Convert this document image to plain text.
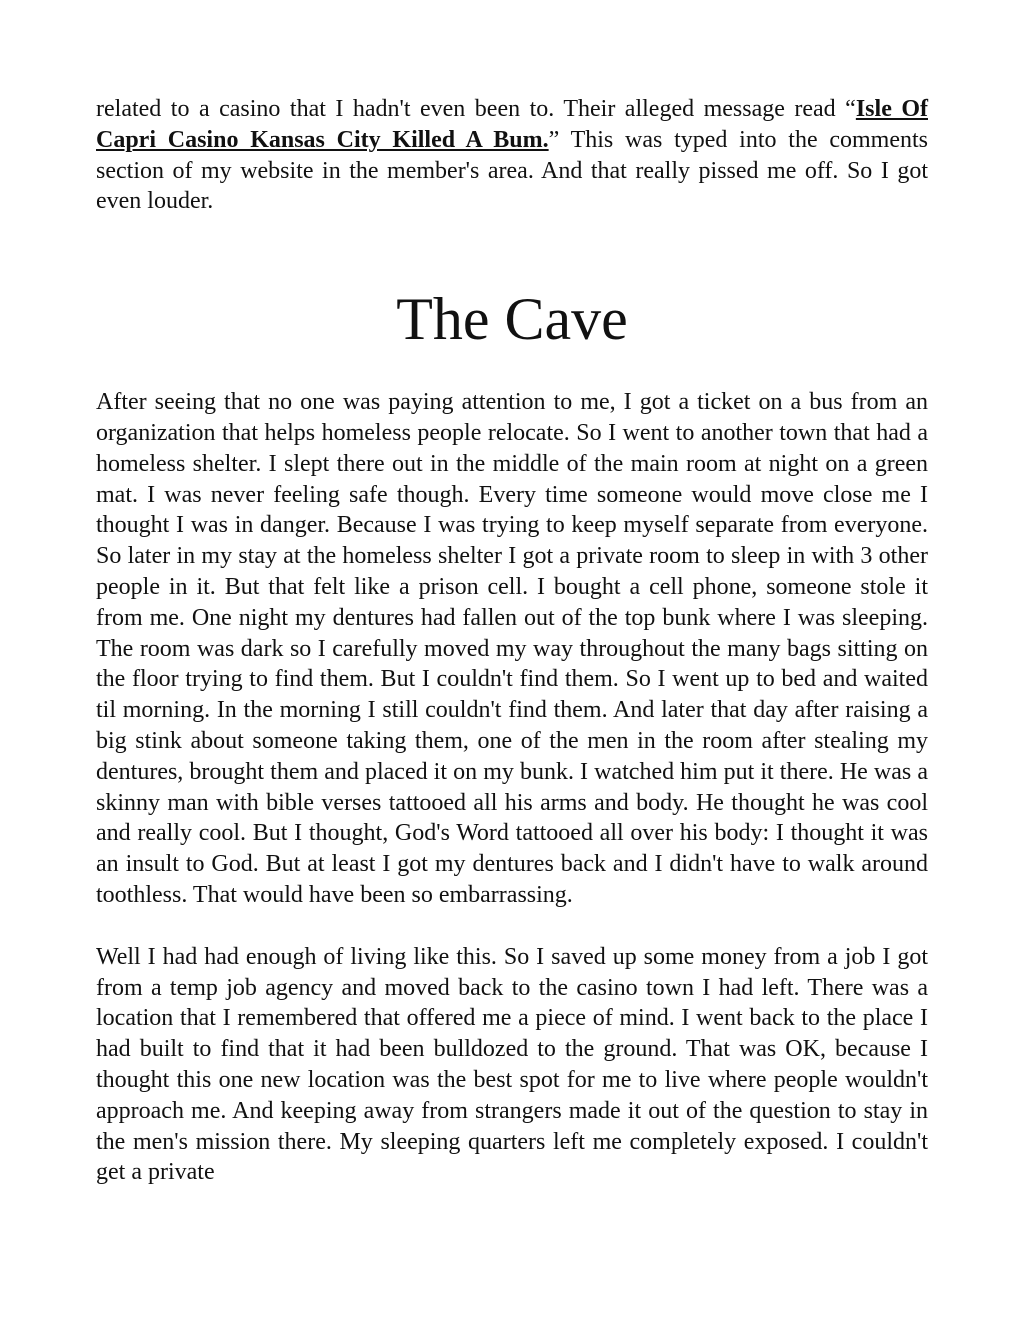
related to a casino that I hadn't even been to. Their alleged message read “Isle Of Capri Casino Kansas City Killed A Bum.” This was typed into the comments section of my website in the member's area. And that really pissed me off. So I got even louder.

The Cave

After seeing that no one was paying attention to me, I got a ticket on a bus from an organization that helps homeless people relocate. So I went to another town that had a homeless shelter. I slept there out in the middle of the main room at night on a green mat. I was never feeling safe though. Every time someone would move close me I thought I was in danger. Because I was trying to keep myself separate from everyone. So later in my stay at the homeless shelter I got a private room to sleep in with 3 other people in it. But that felt like a prison cell. I bought a cell phone, someone stole it from me. One night my dentures had fallen out of the top bunk where I was sleeping. The room was dark so I carefully moved my way throughout the many bags sitting on the floor trying to find them. But I couldn't find them. So I went up to bed and waited til morning. In the morning I still couldn't find them. And later that day after raising a big stink about someone taking them, one of the men in the room after stealing my dentures, brought them and placed it on my bunk. I watched him put it there. He was a skinny man with bible verses tattooed all his arms and body. He thought he was cool and really cool. But I thought, God's Word tattooed all over his body: I thought it was an insult to God. But at least I got my dentures back and I didn't have to walk around toothless. That would have been so embarrassing.

Well I had had enough of living like this. So I saved up some money from a job I got from a temp job agency and moved back to the casino town I had left. There was a location that I remembered that offered me a piece of mind. I went back to the place I had built to find that it had been bulldozed to the ground. That was OK, because I thought this one new location was the best spot for me to live where people wouldn't approach me. And keeping away from strangers made it out of the question to stay in the men's mission there. My sleeping quarters left me completely exposed. I couldn't get a private
